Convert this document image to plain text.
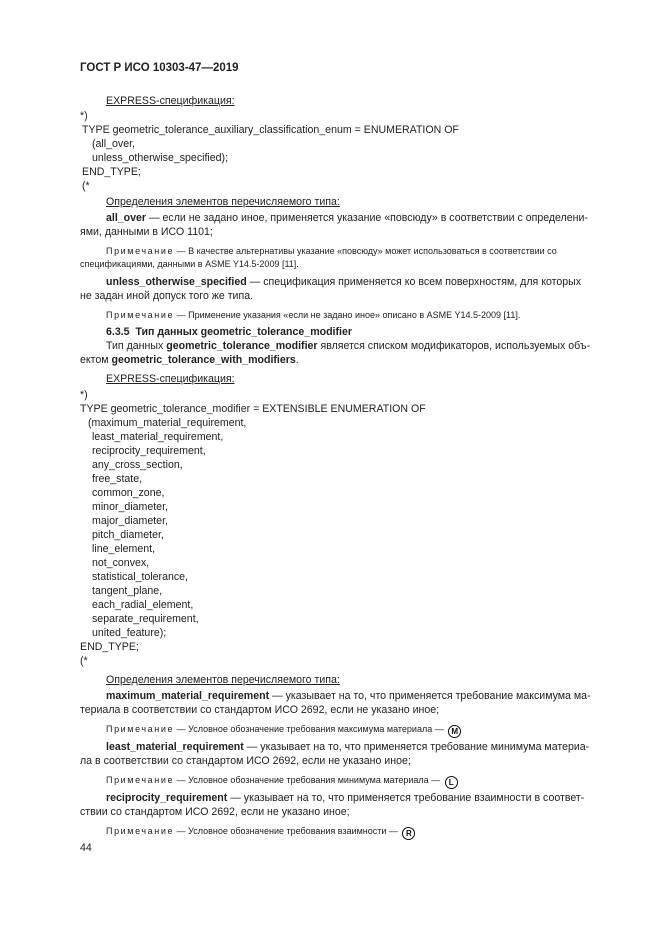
ГОСТ Р ИСО 10303-47—2019
EXPRESS-спецификация:
*)
TYPE geometric_tolerance_auxiliary_classification_enum = ENUMERATION OF
(all_over,
unless_otherwise_specified);
END_TYPE;
(*
Определения элементов перечисляемого типа:
all_over — если не задано иное, применяется указание «повсюду» в соответствии с определени-
ями, данными в ИСО 1101;
Примечание — В качестве альтернативы указание «повсюду» может использоваться в соответствии со
спецификациями, данными в ASME Y14.5-2009 [11].
unless_otherwise_specified — спецификация применяется ко всем поверхностям, для которых
не задан иной допуск того же типа.
Примечание — Применение указания «если не задано иное» описано в ASME Y14.5-2009 [11].
6.3.5 Тип данных geometric_tolerance_modifier
Тип данных geometric_tolerance_modifier является списком модификаторов, используемых объ-
ектом geometric_tolerance_with_modifiers.
EXPRESS-спецификация:
*)
TYPE geometric_tolerance_modifier = EXTENSIBLE ENUMERATION OF
(maximum_material_requirement,
least_material_requirement,
reciprocity_requirement,
any_cross_section,
free_state,
common_zone,
minor_diameter,
major_diameter,
pitch_diameter,
line_element,
not_convex,
statistical_tolerance,
tangent_plane,
each_radial_element,
separate_requirement,
united_feature);
END_TYPE;
(*
Определения элементов перечисляемого типа:
maximum_material_requirement — указывает на то, что применяется требование максимума ма-
териала в соответствии со стандартом ИСО 2692, если не указано иное;
Примечание — Условное обозначение требования максимума материала — M
least_material_requirement — указывает на то, что применяется требование минимума материа-
ла в соответствии со стандартом ИСО 2692, если не указано иное;
Примечание — Условное обозначение требования минимума материала — L
reciprocity_requirement — указывает на то, что применяется требование взаимности в соответ-
ствии со стандартом ИСО 2692, если не указано иное;
Примечание — Условное обозначение требования взаимности — R
44
